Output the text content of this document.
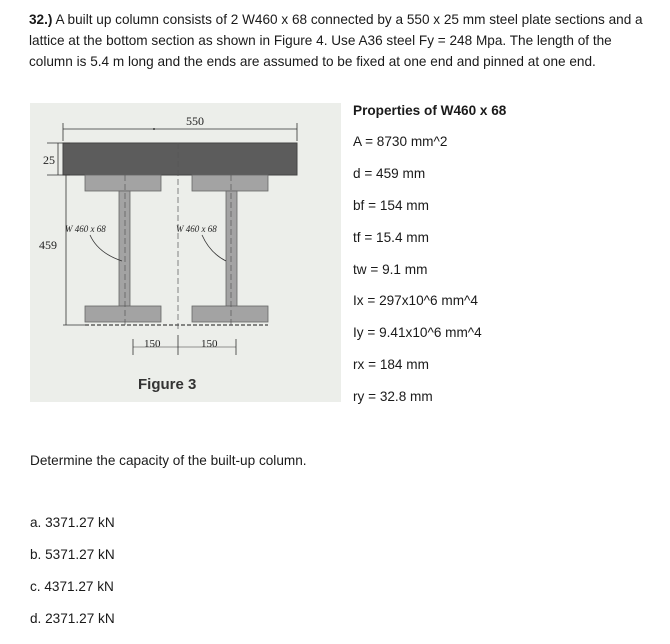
32.) A built up column consists of 2 W460 x 68 connected by a 550 x 25 mm steel plate sections and a lattice at the bottom section as shown in Figure 4. Use A36 steel Fy = 248 Mpa. The length of the column is 5.4 m long and the ends are assumed to be fixed at one end and pinned at one end.
550
25
459
W 460 x 68	W 460 x 68
150	150
Figure 3
Properties of W460 x 68
A = 8730 mm^2
d = 459 mm
bf = 154 mm
tf = 15.4 mm
tw = 9.1 mm
Ix = 297x10^6 mm^4
Iy = 9.41x10^6 mm^4
rx = 184 mm
ry = 32.8 mm
Determine the capacity of the built-up column.
a. 3371.27 kN
b. 5371.27 kN
c. 4371.27 kN
d. 2371.27 kN
